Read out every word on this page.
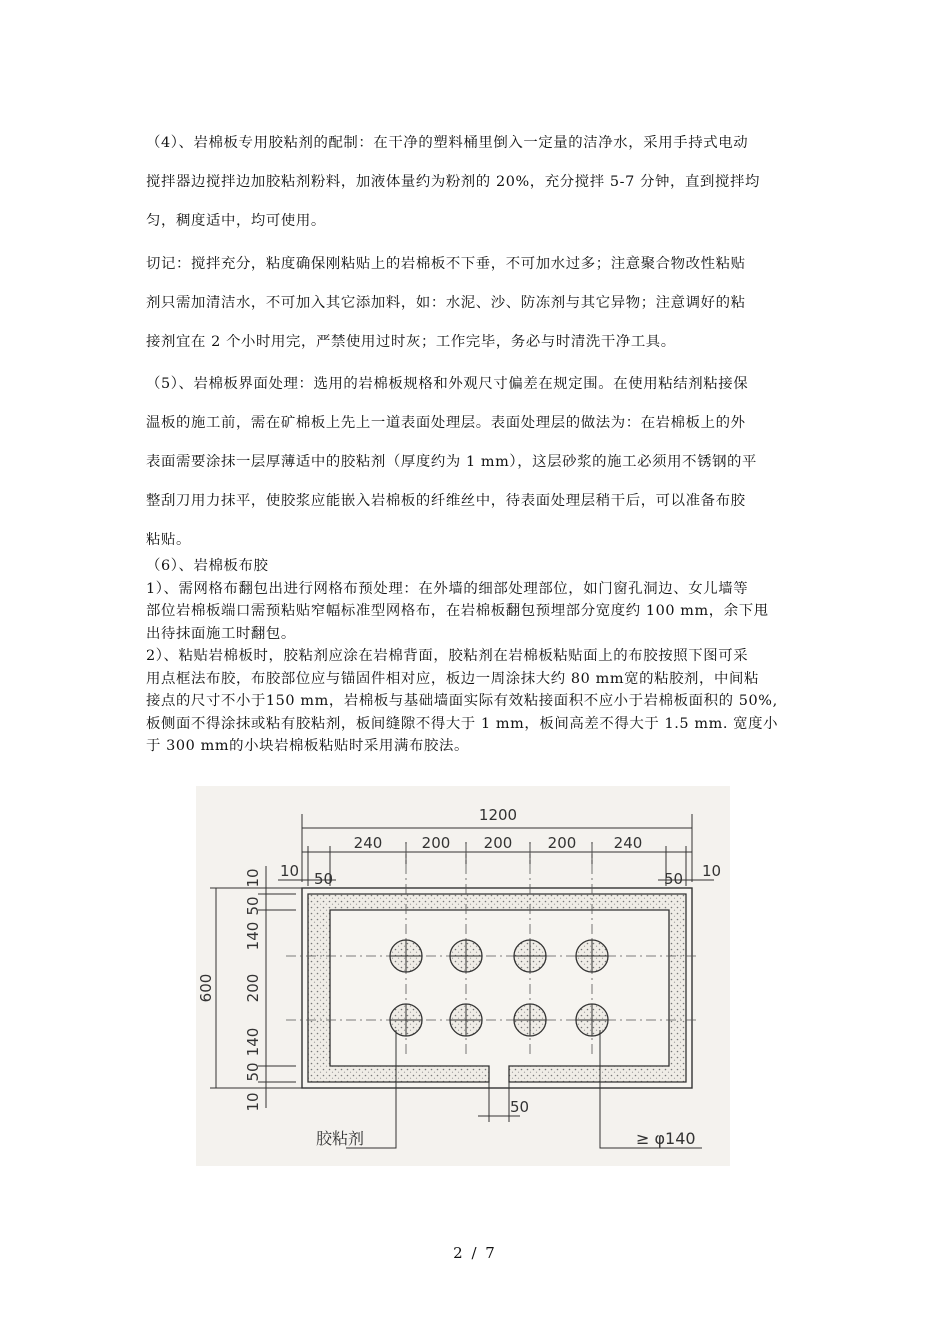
（4）、岩棉板专用胶粘剂的配制：在干净的塑料桶里倒入一定量的洁净水，采用手持式电动
搅拌器边搅拌边加胶粘剂粉料，加液体量约为粉剂的 20%，充分搅拌 5-7 分钟，直到搅拌均
匀，稠度适中，均可使用。
切记：搅拌充分，粘度确保刚粘贴上的岩棉板不下垂，不可加水过多；注意聚合物改性粘贴
剂只需加清洁水，不可加入其它添加料，如：水泥、沙、防冻剂与其它异物；注意调好的粘
接剂宜在 2 个小时用完，严禁使用过时灰；工作完毕，务必与时清洗干净工具。
（5）、岩棉板界面处理：选用的岩棉板规格和外观尺寸偏差在规定围。在使用粘结剂粘接保
温板的施工前，需在矿棉板上先上一道表面处理层。表面处理层的做法为：在岩棉板上的外
表面需要涂抹一层厚薄适中的胶粘剂（厚度约为 1 mm），这层砂浆的施工必须用不锈钢的平
整刮刀用力抹平，使胶浆应能嵌入岩棉板的纤维丝中，待表面处理层稍干后，可以准备布胶
粘贴。
（6）、岩棉板布胶
1）、需网格布翻包出进行网格布预处理：在外墙的细部处理部位，如门窗孔洞边、女儿墙等
部位岩棉板端口需预粘贴窄幅标准型网格布，在岩棉板翻包预埋部分宽度约 100 mm，余下甩
出待抹面施工时翻包。
2）、粘贴岩棉板时，胶粘剂应涂在岩棉背面，胶粘剂在岩棉板粘贴面上的布胶按照下图可采
用点框法布胶，布胶部位应与锚固件相对应，板边一周涂抹大约 80 mm宽的粘胶剂，中间粘
接点的尺寸不小于150 mm，岩棉板与基础墙面实际有效粘接面积不应小于岩棉板面积的 50%,
板侧面不得涂抹或粘有胶粘剂，板间缝隙不得大于 1 mm，板间高差不得大于 1.5 mm. 宽度小
于 300 mm的小块岩棉板粘贴时采用满布胶法。
1200
240	200 200 200 240
10 50	50 10
600
10
50
140
200
140
50
10	50
胶粘剂	≥ φ140
2 / 7
